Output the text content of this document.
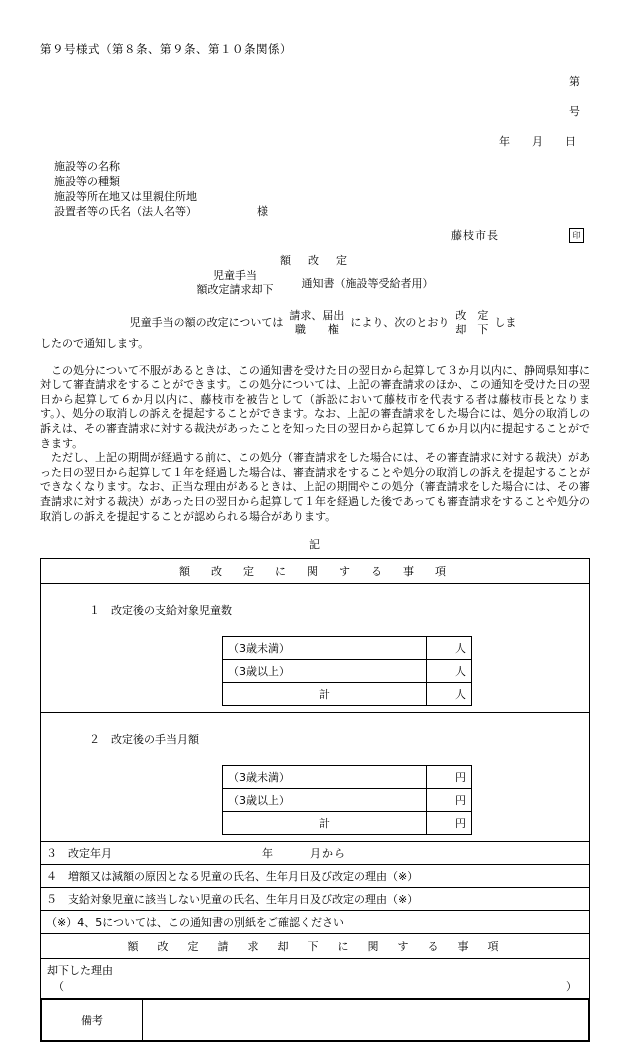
第９号様式（第８条、第９条、第１０条関係）

第

号

年　　月　　日
施設等の名称
施設等の種類
施設等所在地又は里親住所地
設置者等の氏名（法人名等）	様
藤枝市長	印
額　改　定
児童手当
額改定請求却下	通知書（施設等受給者用）
児童手当の額の改定については
請求、届出
職　　権
により、次のとおり
改　定
却　下
しま

したので通知します。

　この処分について不服があるときは、この通知書を受けた日の翌日から起算して３か月以内に、静岡県知事に対して審査請求をすることができます。この処分については、上記の審査請求のほか、この通知を受けた日の翌日から起算して６か月以内に、藤枝市を被告として（訴訟において藤枝市を代表する者は藤枝市長となります。）、処分の取消しの訴えを提起することができます。なお、上記の審査請求をした場合には、処分の取消しの訴えは、その審査請求に対する裁決があったことを知った日の翌日から起算して６か月以内に提起することができます。

　ただし、上記の期間が経過する前に、この処分（審査請求をした場合には、その審査請求に対する裁決）があった日の翌日から起算して１年を経過した場合は、審査請求をすることや処分の取消しの訴えを提起することができなくなります。なお、正当な理由があるときは、上記の期間やこの処分（審査請求をした場合には、その審査請求に対する裁決）があった日の翌日から起算して１年を経過した後であっても審査請求をすることや処分の取消しの訴えを提起することが認められる場合があります。

記
額　改　定　に　関　す　る　事　項

１ 改定後の支給対象児童数

（3歳未満）	人
（3歳以上）	人
計	人

２ 改定後の手当月額

（3歳未満）	円
（3歳以上）	円
計	円

３	改定年月	年　　　月から

４ 増額又は減額の原因となる児童の氏名、生年月日及び改定の理由（※）
５ 支給対象児童に該当しない児童の氏名、生年月日及び改定の理由（※）
（※）4、5については、この通知書の別紙をご確認ください
額　改　定　請　求　却　下　に　関　す　る　事　項

却下した理由
（	）

備考	
